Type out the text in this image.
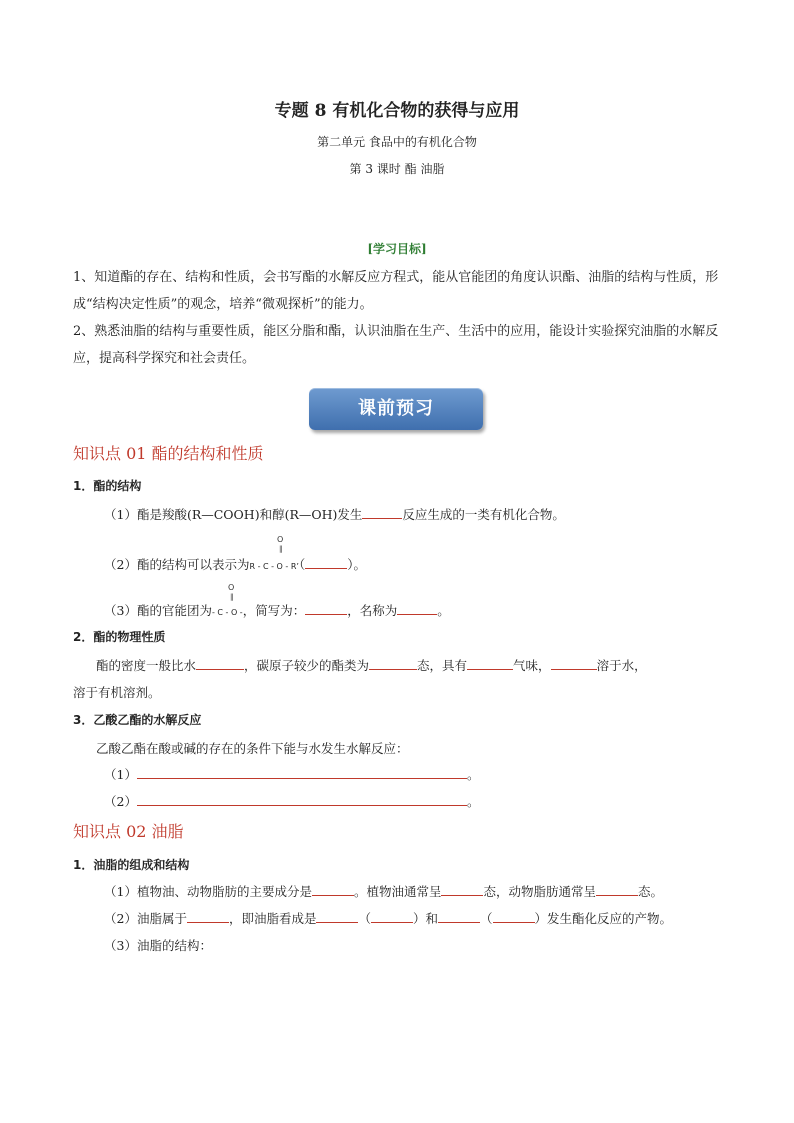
专题 8 有机化合物的获得与应用
第二单元 食品中的有机化合物
第 3 课时 酯 油脂
[学习目标]
1、知道酯的存在、结构和性质，会书写酯的水解反应方程式，能从官能团的角度认识酯、油脂的结构与性质，形成“结构决定性质”的观念，培养“微观探析”的能力。
2、熟悉油脂的结构与重要性质，能区分脂和酯，认识油脂在生产、生活中的应用，能设计实验探究油脂的水解反应，提高科学探究和社会责任。
课前预习
知识点 01 酯的结构和性质
1．酯的结构
（1）酯是羧酸(R—COOH)和醇(R—OH)发生	反应生成的一类有机化合物。
O
‖
（2）酯的结构可以表示为R - C - O - R’（	）。
O
‖
（3）酯的官能团为- C - O -，简写为：	，名称为	。
2．酯的物理性质
酯的密度一般比水	，碳原子较少的酯类为	态，具有	气味，	溶于水，
溶于有机溶剂。
3．乙酸乙酯的水解反应
乙酸乙酯在酸或碱的存在的条件下能与水发生水解反应：
（1）	。
（2）	。
知识点 02 油脂
1．油脂的组成和结构
（1）植物油、动物脂肪的主要成分是	。植物油通常呈	态，动物脂肪通常呈	态。
（2）油脂属于	，即油脂看成是	（	）和	（	）发生酯化反应的产物。
（3）油脂的结构：
